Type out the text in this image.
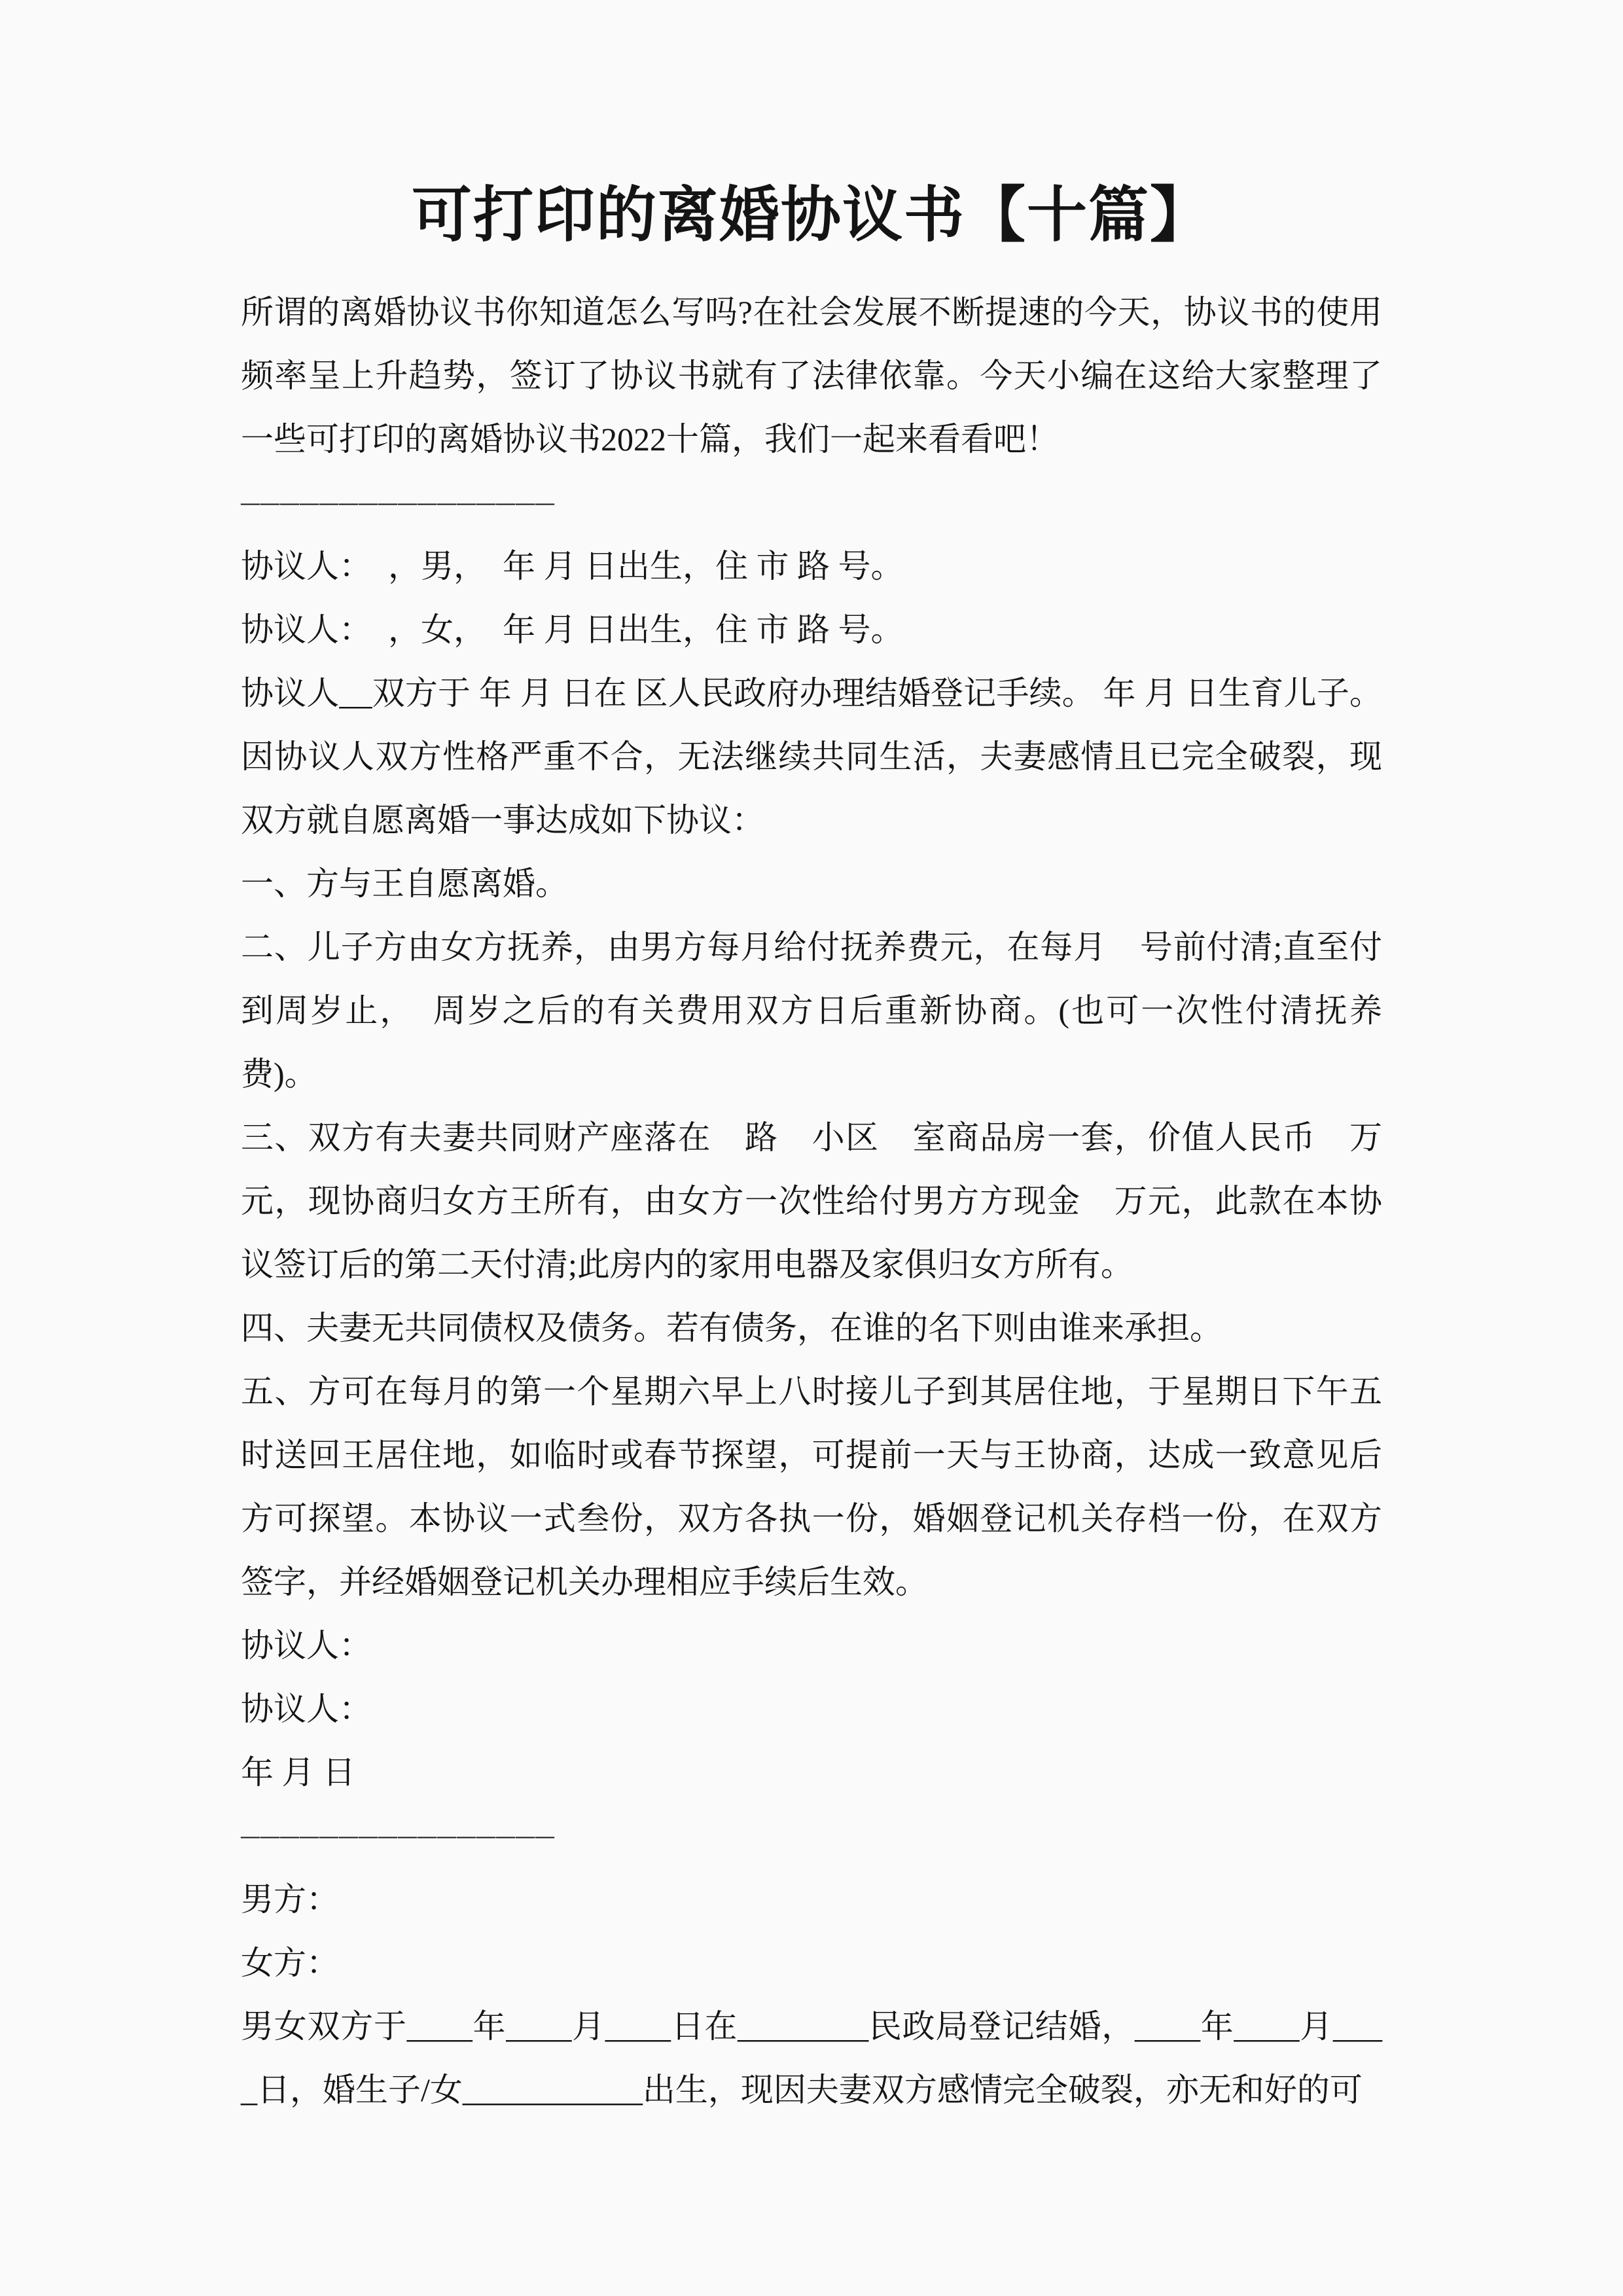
可打印的离婚协议书【十篇】

所谓的离婚协议书你知道怎么写吗?在社会发展不断提速的今天，协议书的使用频率呈上升趋势，签订了协议书就有了法律依靠。今天小编在这给大家整理了一些可打印的离婚协议书2022十篇，我们一起来看看吧！

————————————————

协议人：　，男，　年 月 日出生，住 市 路 号。

协议人：　，女，　年 月 日出生，住 市 路 号。

协议人__双方于 年 月 日在 区人民政府办理结婚登记手续。 年 月 日生育儿子。因协议人双方性格严重不合，无法继续共同生活，夫妻感情且已完全破裂，现双方就自愿离婚一事达成如下协议：

一、方与王自愿离婚。

二、儿子方由女方抚养，由男方每月给付抚养费元，在每月　号前付清;直至付到周岁止，　周岁之后的有关费用双方日后重新协商。(也可一次性付清抚养费)。

三、双方有夫妻共同财产座落在　路　小区　室商品房一套，价值人民币　万元，现协商归女方王所有，由女方一次性给付男方方现金　万元，此款在本协议签订后的第二天付清;此房内的家用电器及家俱归女方所有。

四、夫妻无共同债权及债务。若有债务，在谁的名下则由谁来承担。

五、方可在每月的第一个星期六早上八时接儿子到其居住地，于星期日下午五时送回王居住地，如临时或春节探望，可提前一天与王协商，达成一致意见后方可探望。本协议一式叁份，双方各执一份，婚姻登记机关存档一份，在双方签字，并经婚姻登记机关办理相应手续后生效。

协议人：

协议人：

年 月 日

————————————————

男方：

女方：

男女双方于____年____月____日在________民政局登记结婚，____年____月____日，婚生子/女___________出生，现因夫妻双方感情完全破裂，亦无和好的可
